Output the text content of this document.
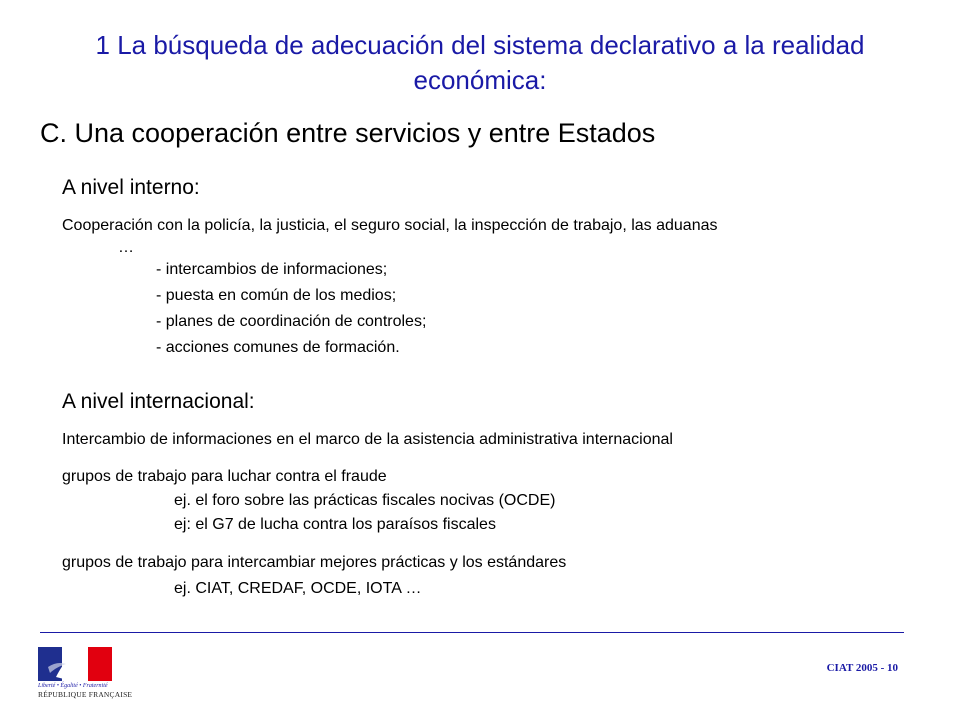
1 La búsqueda de adecuación del sistema declarativo a la realidad económica:
C. Una cooperación entre servicios y entre Estados
A nivel interno:
Cooperación con la policía, la justicia, el seguro social, la inspección de trabajo, las aduanas
…
- intercambios de informaciones;
- puesta en común de los medios;
- planes de coordinación de controles;
- acciones comunes de formación.
A nivel internacional:
Intercambio de informaciones en el marco de la asistencia administrativa internacional
grupos de trabajo para luchar contra el fraude
ej. el foro sobre las prácticas fiscales nocivas (OCDE)
ej: el G7 de lucha contra los paraísos fiscales
grupos de trabajo para intercambiar mejores prácticas y los estándares
ej. CIAT, CREDAF, OCDE, IOTA …
Liberté • Égalité • Fraternité
RÉPUBLIQUE FRANÇAISE
CIAT 2005 - 10
